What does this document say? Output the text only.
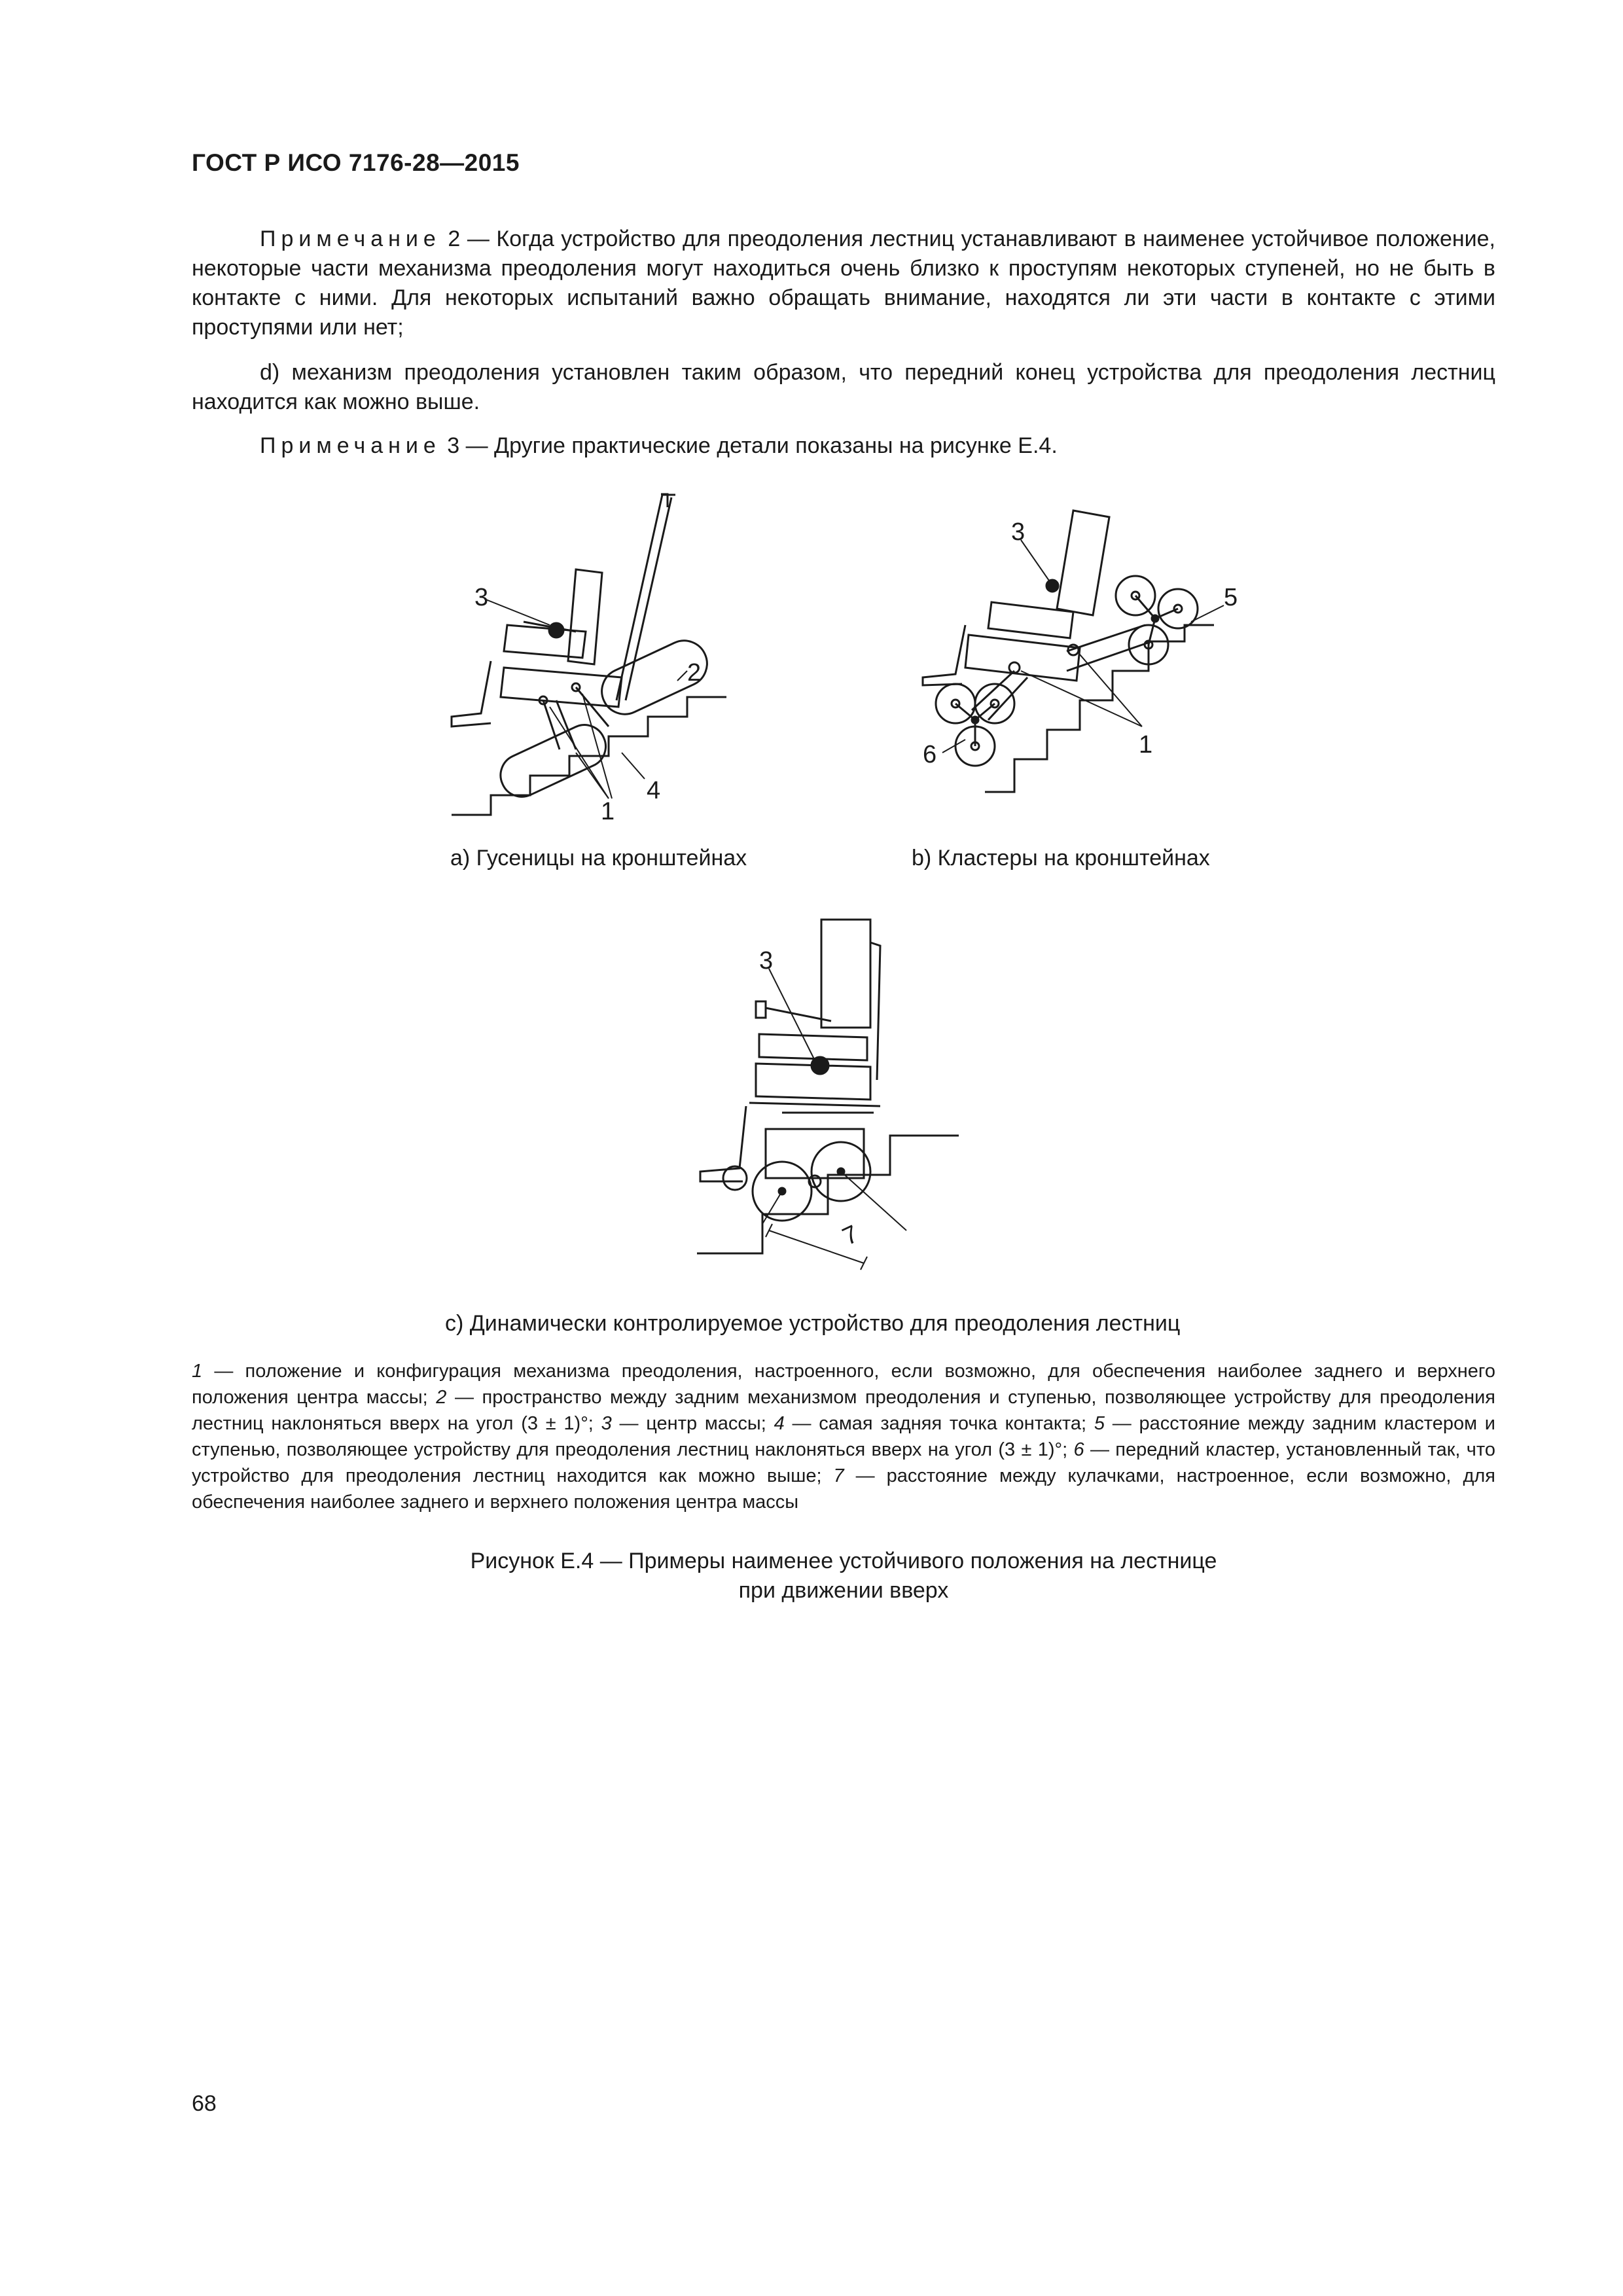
ГОСТ Р ИСО 7176-28—2015
Примечание 2 — Когда устройство для преодоления лестниц устанавливают в наименее устойчивое положение, некоторые части механизма преодоления могут находиться очень близко к проступям некоторых ступеней, но не быть в контакте с ними. Для некоторых испытаний важно обращать внимание, находятся ли эти части в контакте с этими проступями или нет;
d) механизм преодоления установлен таким образом, что передний конец устройства для преодоления лестниц находится как можно выше.
Примечание 3 — Другие практические детали показаны на рисунке Е.4.
3
2
4
1
а) Гусеницы на кронштейнах
3
5
6	1
b) Кластеры на кронштейнах
3
7
с) Динамически контролируемое устройство для преодоления лестниц
1 — положение и конфигурация механизма преодоления, настроенного, если возможно, для обеспечения наиболее заднего и верхнего положения центра массы; 2 — пространство между задним механизмом преодоления и ступенью, позволяющее устройству для преодоления лестниц наклоняться вверх на угол (3 ± 1)°; 3 — центр массы; 4 — самая задняя точка контакта; 5 — расстояние между задним кластером и ступенью, позволяющее устройству для преодоления лестниц наклоняться вверх на угол (3 ± 1)°; 6 — передний кластер, установленный так, что устройство для преодоления лестниц находится как можно выше; 7 — расстояние между кулачками, настроенное, если возможно, для обеспечения наиболее заднего и верхнего положения центра массы
Рисунок Е.4 — Примеры наименее устойчивого положения на лестнице
при движении вверх
68
